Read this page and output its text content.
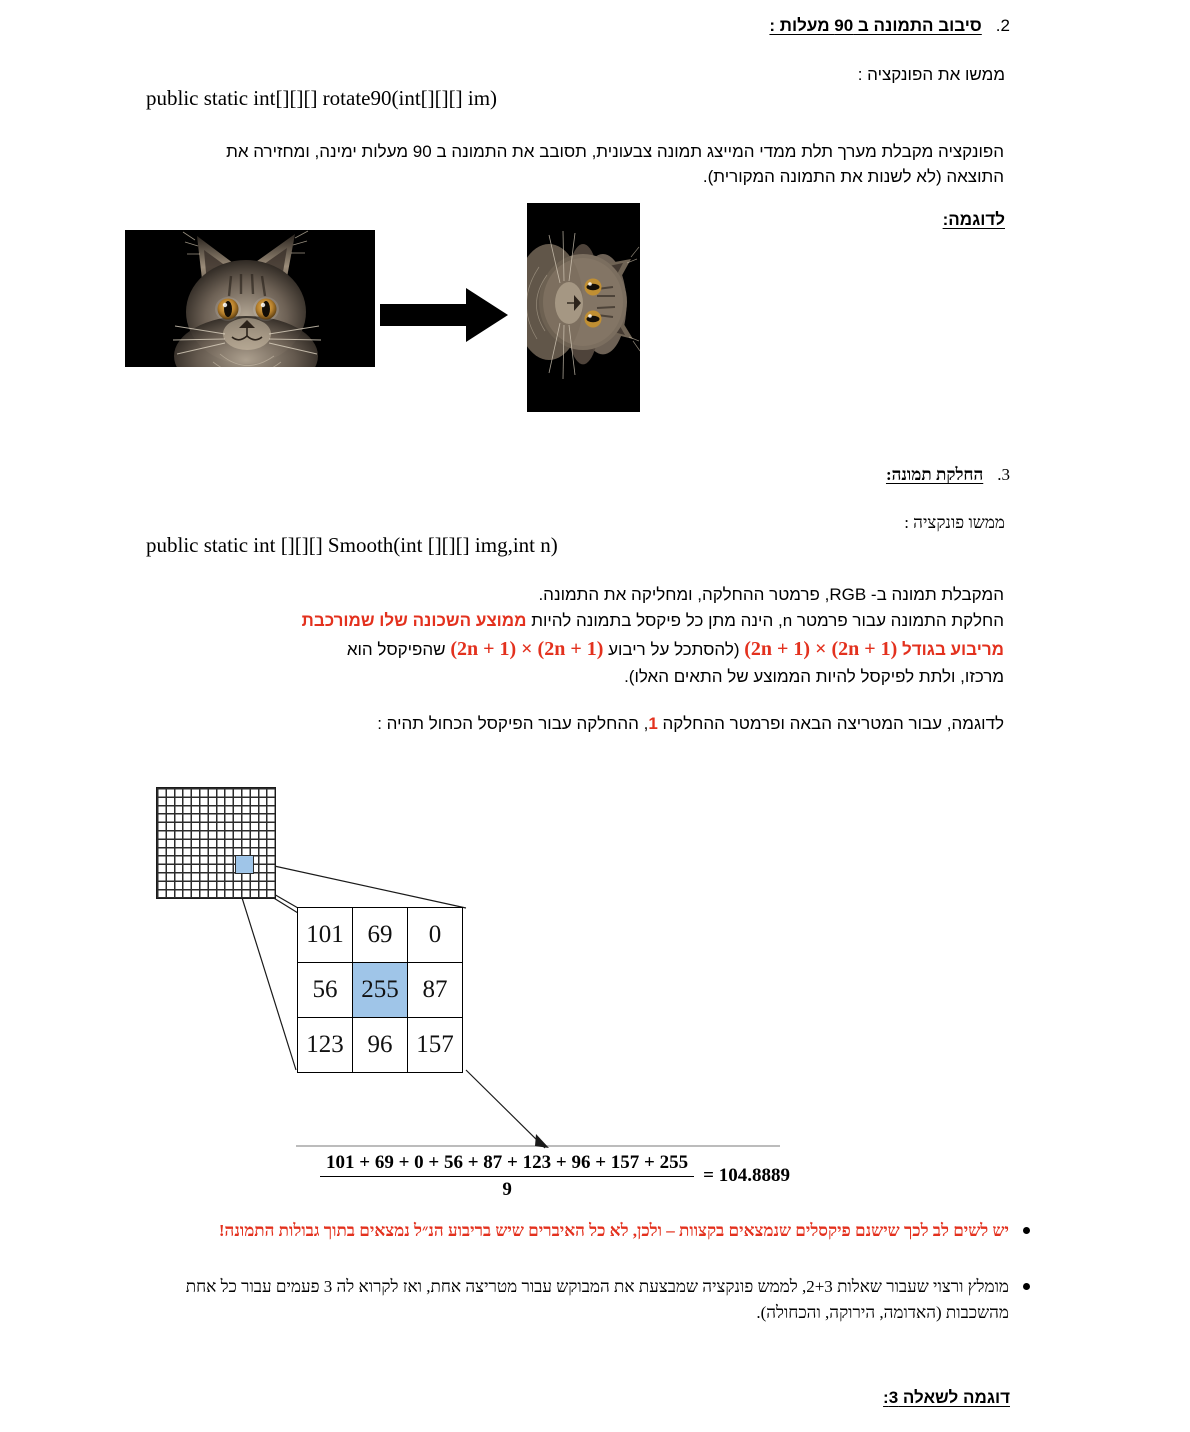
2.סיבוב התמונה ב 90 מעלות :
ממשו את הפונקציה :
public static int[][][] rotate90(int[][][] im)
הפונקציה מקבלת מערך תלת ממדי המייצג תמונה צבעונית, תסובב את התמונה ב 90 מעלות ימינה, ומחזירה את התוצאה (לא לשנות את התמונה המקורית).
לדוגמה:
3.החלקת תמונה:
ממשו פונקציה :
public static int [][][] Smooth(int [][][] img,int n)
המקבלת תמונה ב- RGB, פרמטר ההחלקה, ומחליקה את התמונה.
החלקת התמונה עבור פרמטר n, הינה מתן כל פיקסל בתמונה להיות ממוצע השכונה שלו שמורכבת
מריבוע בגודל (2n + 1) × (2n + 1) (להסתכל על ריבוע (2n + 1) × (2n + 1) שהפיקסל הוא
מרכזו, ולתת לפיקסל להיות הממוצע של התאים האלו).
לדוגמה, עבור המטריצה הבאה ופרמטר ההחלקה 1, ההחלקה עבור הפיקסל הכחול תהיה :
101	69	0
56	255	87
123	96	157
$\frac{101 + 69 + 0 + 56 + 87 + 123 + 96 + 157 + 255}{9} = 104.8889$
יש לשים לב לכך שישנם פיקסלים שנמצאים בקצוות – ולכן, לא כל האיברים שיש בריבוע הנ״ל נמצאים בתוך גבולות התמונה!
מומלץ ורצוי שעבור שאלות 2+3, לממש פונקציה שמבצעת את המבוקש עבור מטריצה אחת, ואז לקרוא לה 3 פעמים עבור כל אחת מהשכבות (האדומה, הירוקה, והכחולה).
דוגמה לשאלה 3:
